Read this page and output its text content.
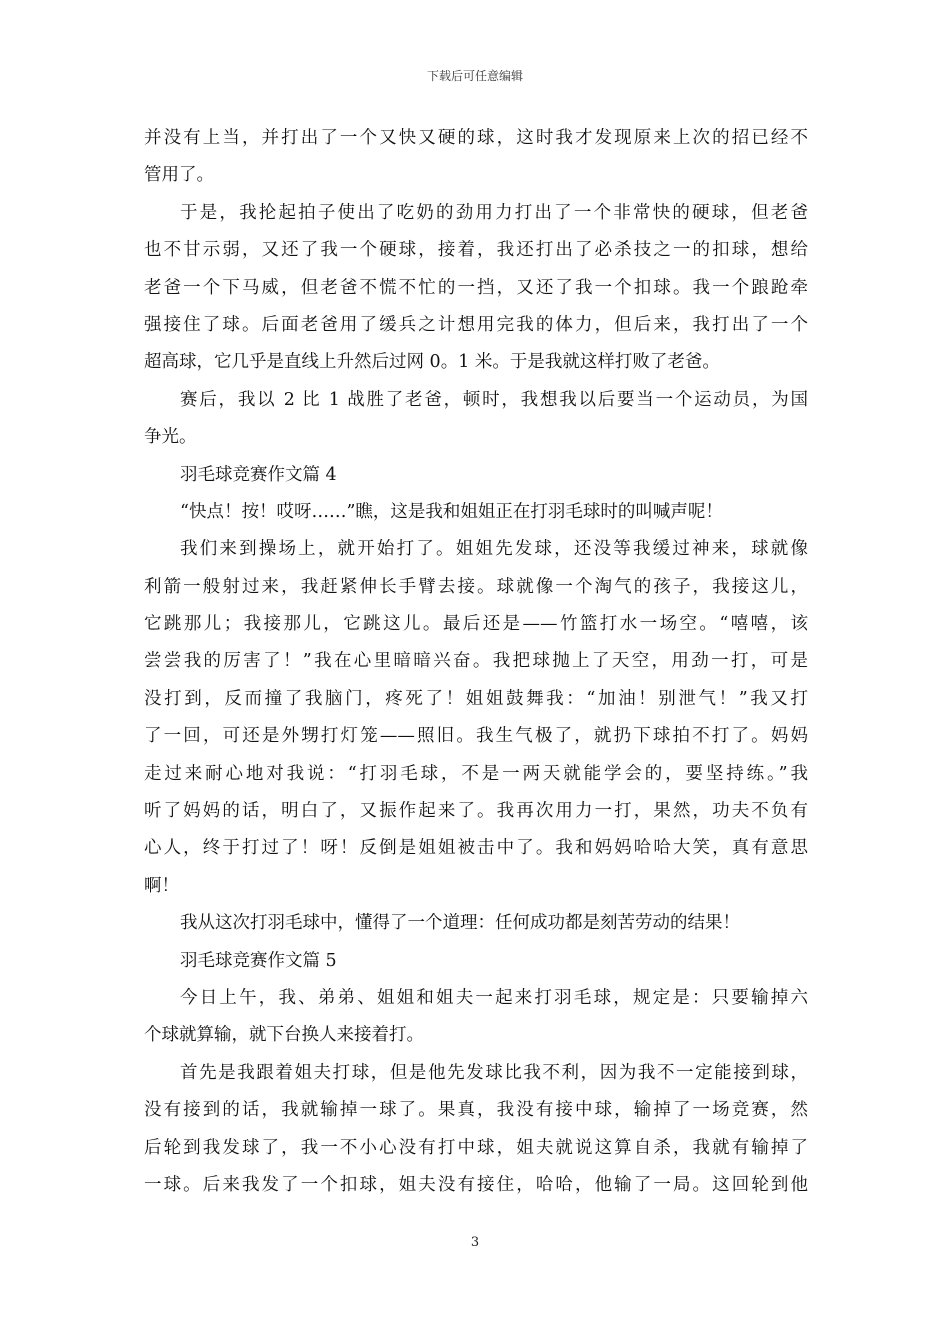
下载后可任意编辑
并没有上当，并打出了一个又快又硬的球，这时我才发现原来上次的招已经不
管用了。
于是，我抡起拍子使出了吃奶的劲用力打出了一个非常快的硬球，但老爸
也不甘示弱，又还了我一个硬球，接着，我还打出了必杀技之一的扣球，想给
老爸一个下马威，但老爸不慌不忙的一挡，又还了我一个扣球。我一个踉跄牵
强接住了球。后面老爸用了缓兵之计想用完我的体力，但后来，我打出了一个
超高球，它几乎是直线上升然后过网 0。1 米。于是我就这样打败了老爸。
赛后，我以 2 比 1 战胜了老爸，顿时，我想我以后要当一个运动员，为国
争光。
羽毛球竞赛作文篇 4
“快点！按！哎呀……”瞧，这是我和姐姐正在打羽毛球时的叫喊声呢！
我们来到操场上，就开始打了。姐姐先发球，还没等我缓过神来，球就像
利箭一般射过来，我赶紧伸长手臂去接。球就像一个淘气的孩子，我接这儿，
它跳那儿；我接那儿，它跳这儿。最后还是——竹篮打水一场空。“嘻嘻，该
尝尝我的厉害了！”我在心里暗暗兴奋。我把球抛上了天空，用劲一打，可是
没打到，反而撞了我脑门，疼死了！姐姐鼓舞我：“加油！别泄气！”我又打
了一回，可还是外甥打灯笼——照旧。我生气极了，就扔下球拍不打了。妈妈
走过来耐心地对我说：“打羽毛球，不是一两天就能学会的，要坚持练。”我
听了妈妈的话，明白了，又振作起来了。我再次用力一打，果然，功夫不负有
心人，终于打过了！呀！反倒是姐姐被击中了。我和妈妈哈哈大笑，真有意思
啊！
我从这次打羽毛球中，懂得了一个道理：任何成功都是刻苦劳动的结果！
羽毛球竞赛作文篇 5
今日上午，我、弟弟、姐姐和姐夫一起来打羽毛球，规定是：只要输掉六
个球就算输，就下台换人来接着打。
首先是我跟着姐夫打球，但是他先发球比我不利，因为我不一定能接到球，
没有接到的话，我就输掉一球了。果真，我没有接中球，输掉了一场竞赛，然
后轮到我发球了，我一不小心没有打中球，姐夫就说这算自杀，我就有输掉了
一球。后来我发了一个扣球，姐夫没有接住，哈哈，他输了一局。这回轮到他
3
